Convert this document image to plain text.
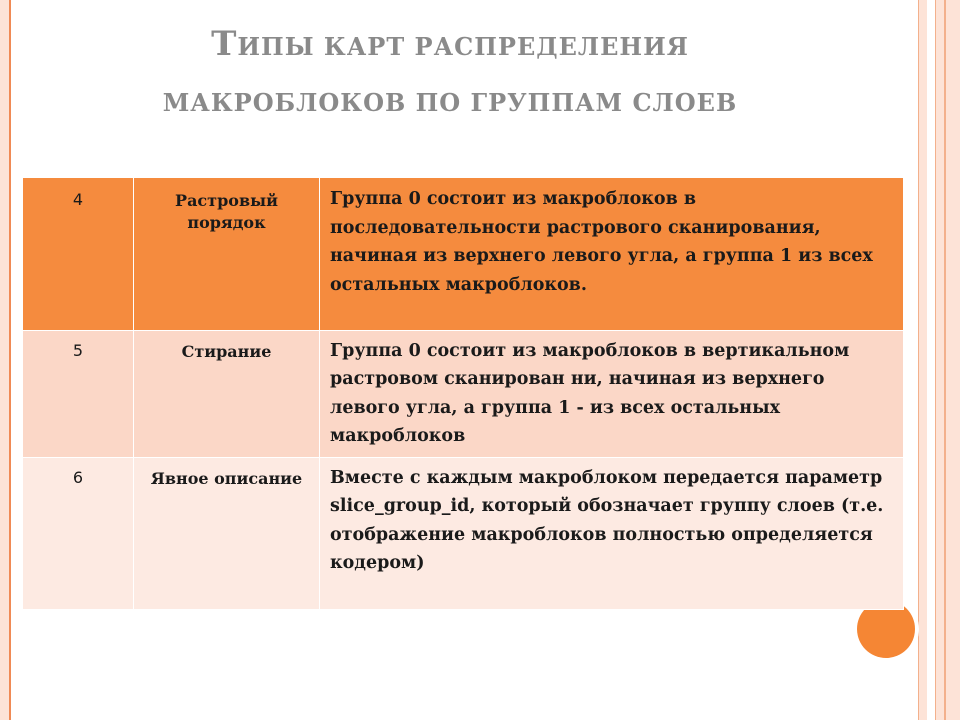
ТИПЫ КАРТ РАСПРЕДЕЛЕНИЯ
МАКРОБЛОКОВ ПО ГРУППАМ СЛОЕВ
4	Растровый порядок	Группа 0 состоит из макроблоков в последовательности растрового сканирования, начиная из верхнего левого угла, а группа 1 из всех остальных макроблоков.

5	Стирание	Группа 0 состоит из макроблоков в вертикальном растровом сканирован ни, начиная из верхнего левого угла, а группа 1 - из всех остальных макроблоков

6	Явное описание	Вместе с каждым макроблоком передается параметр slice_group_id, который обозначает группу слоев (т.е. отображение макроблоков полностью определяется кодером)
